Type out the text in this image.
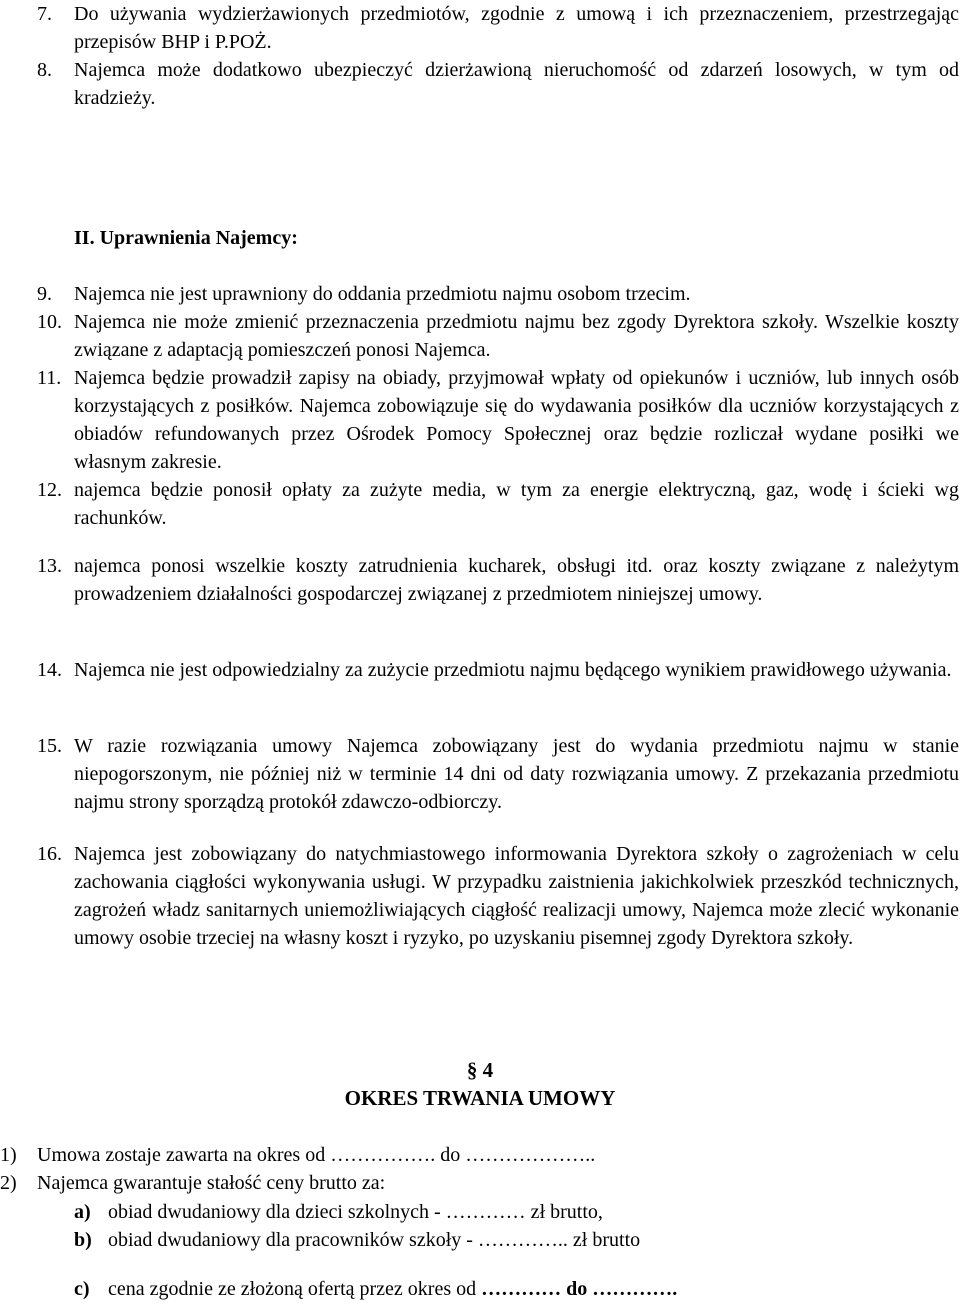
7.	Do używania wydzierżawionych przedmiotów, zgodnie z umową i ich przeznaczeniem, przestrzegając przepisów BHP i P.POŻ.
8.	Najemca może dodatkowo ubezpieczyć dzierżawioną nieruchomość od zdarzeń losowych, w tym od kradzieży.
II. Uprawnienia Najemcy:
9.	Najemca nie jest uprawniony do oddania przedmiotu najmu osobom trzecim.
10. Najemca nie może zmienić przeznaczenia przedmiotu najmu bez zgody Dyrektora szkoły. Wszelkie koszty związane z adaptacją pomieszczeń ponosi Najemca.
11. Najemca będzie prowadził zapisy na obiady, przyjmował wpłaty od opiekunów i uczniów, lub innych osób korzystających z posiłków. Najemca zobowiązuje się do wydawania posiłków dla uczniów korzystających z obiadów refundowanych przez Ośrodek Pomocy Społecznej oraz będzie rozliczał wydane posiłki we własnym zakresie.
12. najemca będzie ponosił opłaty za zużyte media, w tym za energie elektryczną, gaz, wodę i ścieki wg rachunków.
13. najemca ponosi wszelkie koszty zatrudnienia kucharek, obsługi itd. oraz koszty związane z należytym prowadzeniem działalności gospodarczej związanej z przedmiotem niniejszej umowy.
14. Najemca nie jest odpowiedzialny za zużycie przedmiotu najmu będącego wynikiem prawidłowego używania.
15. W razie rozwiązania umowy Najemca zobowiązany jest do wydania przedmiotu najmu w stanie niepogorszonym, nie później niż w terminie 14 dni od daty rozwiązania umowy. Z przekazania przedmiotu najmu strony sporządzą protokół zdawczo-odbiorczy.
16. Najemca jest zobowiązany do natychmiastowego informowania Dyrektora szkoły o zagrożeniach w celu zachowania ciągłości wykonywania usługi. W przypadku zaistnienia jakichkolwiek przeszkód technicznych, zagrożeń władz sanitarnych uniemożliwiających ciągłość realizacji umowy, Najemca może zlecić wykonanie umowy osobie trzeciej na własny koszt i ryzyko, po uzyskaniu pisemnej zgody Dyrektora szkoły.
§ 4
OKRES TRWANIA UMOWY
1)	Umowa zostaje zawarta na okres od ……………. do ………………..
2)	Najemca gwarantuje stałość ceny brutto za:
a) obiad dwudaniowy dla dzieci szkolnych - ………… zł brutto,
b) obiad dwudaniowy dla pracowników szkoły - ………….. zł brutto
c) cena zgodnie ze złożoną ofertą przez okres od ………… do ………….
